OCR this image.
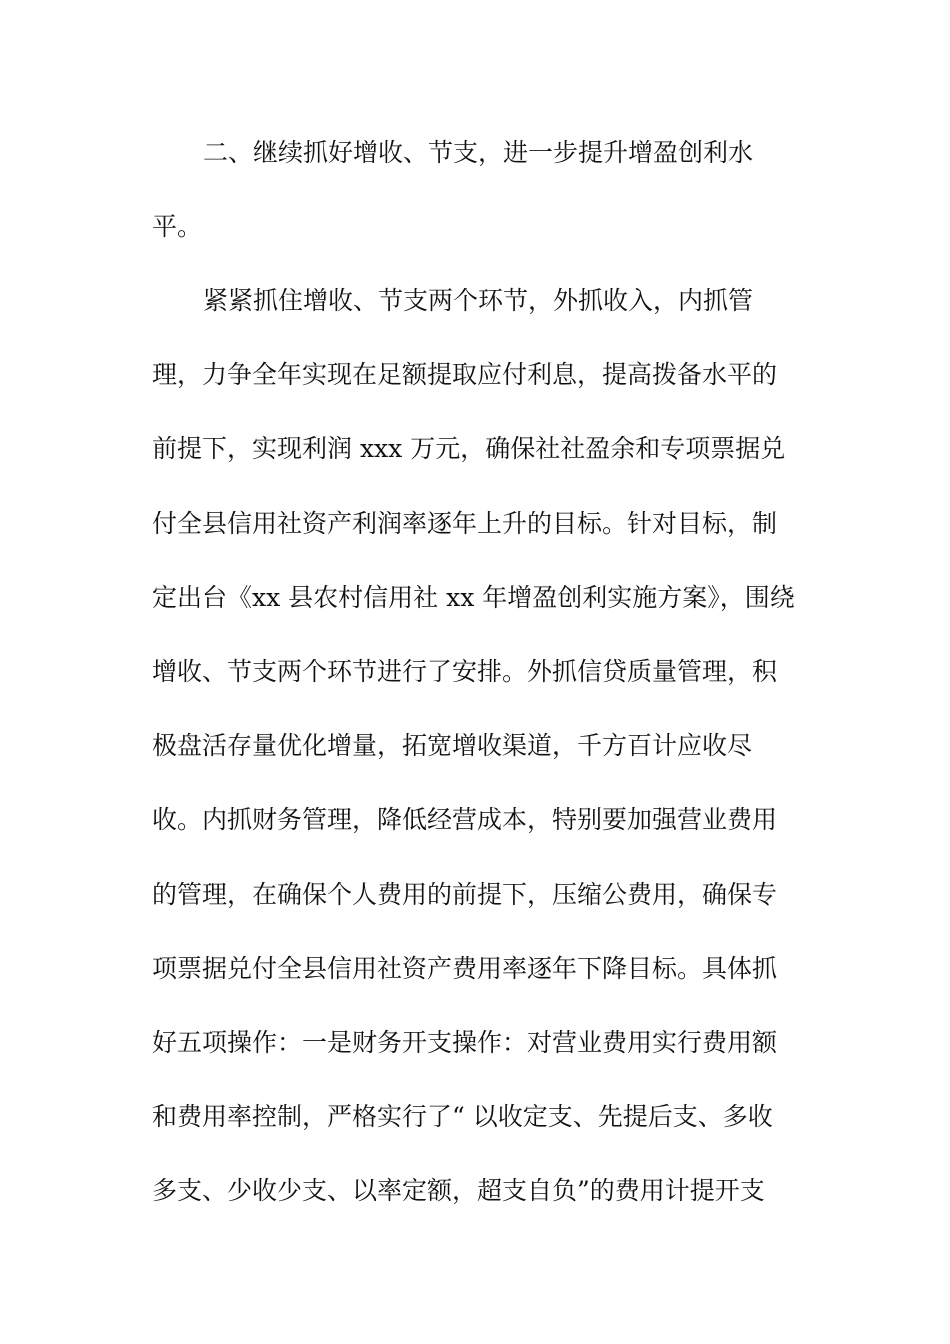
二、继续抓好增收、节支，进一步提升增盈创利水

平。

紧紧抓住增收、节支两个环节，外抓收入，内抓管

理，力争全年实现在足额提取应付利息，提高拨备水平的

前提下，实现利润 xxx 万元，确保社社盈余和专项票据兑

付全县信用社资产利润率逐年上升的目标。针对目标，制

定出台《xx 县农村信用社 xx 年增盈创利实施方案》，围绕

增收、节支两个环节进行了安排。外抓信贷质量管理，积

极盘活存量优化增量，拓宽增收渠道，千方百计应收尽

收。内抓财务管理，降低经营成本，特别要加强营业费用

的管理，在确保个人费用的前提下，压缩公费用，确保专

项票据兑付全县信用社资产费用率逐年下降目标。具体抓

好五项操作：一是财务开支操作：对营业费用实行费用额

和费用率控制，严格实行了“ 以收定支、先提后支、多收

多支、少收少支、以率定额，超支自负”的费用计提开支
